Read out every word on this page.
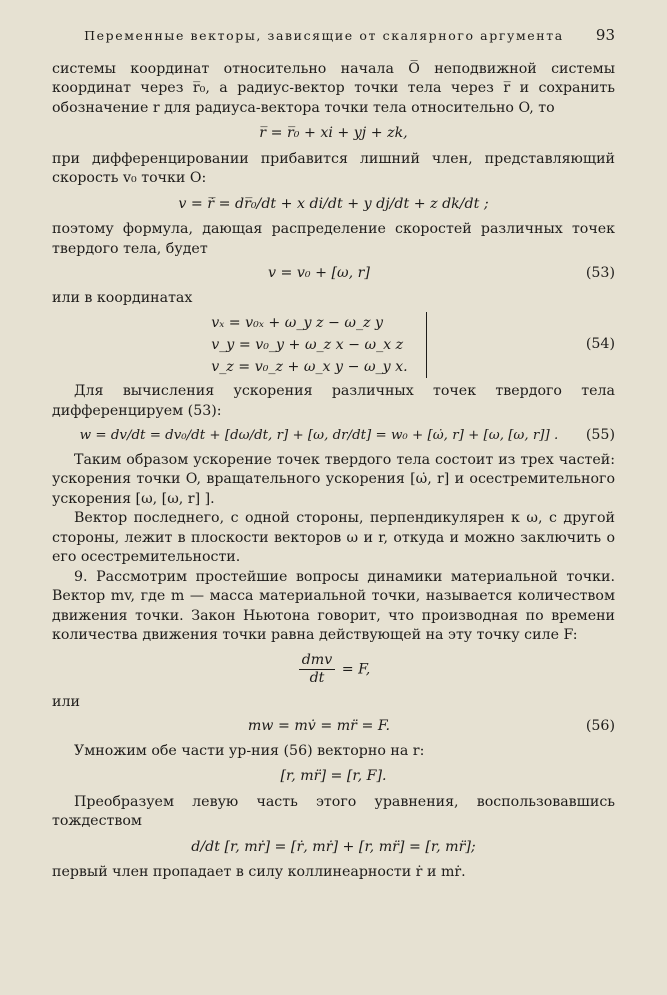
Переменные векторы, зависящие от скалярного аргумента	93

системы координат относительно начала O̅ неподвижной системы координат через r̅₀, а радиус-вектор точки тела через r̅ и сохранить обозначение r для радиуса-вектора точки тела относительно O, то

r̅ = r̅₀ + xi + yj + zk,

при дифференцировании прибавится лишний член, представляющий скорость v₀ точки O:

v = r̅̇ = dr̅₀/dt + x di/dt + y dj/dt + z dk/dt ;

поэтому формула, дающая распределение скоростей различных точек твердого тела, будет

v = v₀ + [ω, r]	(53)

или в координатах

vₓ = v₀ₓ + ω_y z − ω_z y
v_y = v₀_y + ω_z x − ω_x z
v_z = v₀_z + ω_x y − ω_y x.
(54)

Для вычисления ускорения различных точек твердого тела дифференцируем (53):

w = dv/dt = dv₀/dt + [dω/dt, r] + [ω, dr/dt] = w₀ + [ω̇, r] + [ω, [ω, r]] .	(55)

Таким образом ускорение точек твердого тела состоит из трех частей: ускорения точки O, вращательного ускорения [ω̇, r] и осестремительного ускорения [ω, [ω, r] ].

Вектор последнего, с одной стороны, перпендикулярен к ω, с другой стороны, лежит в плоскости векторов ω и r, откуда и можно заключить о его осестремительности.

9. Рассмотрим простейшие вопросы динамики материальной точки. Вектор mv, где m — масса материальной точки, называется количеством движения точки. Закон Ньютона говорит, что производная по времени количества движения точки равна действующей на эту точку силе F:

$\frac{\text{dmv}}{dt} = F$,

или

mw = mv̇ = mr̈ = F.	(56)

Умножим обе части ур-ния (56) векторно на r:

[r, mr̈] = [r, F].

Преобразуем левую часть этого уравнения, воспользовавшись тождеством

d/dt [r, mṙ] = [ṙ, mṙ] + [r, mr̈] = [r, mr̈];

первый член пропадает в силу коллинеарности ṙ и mṙ.
